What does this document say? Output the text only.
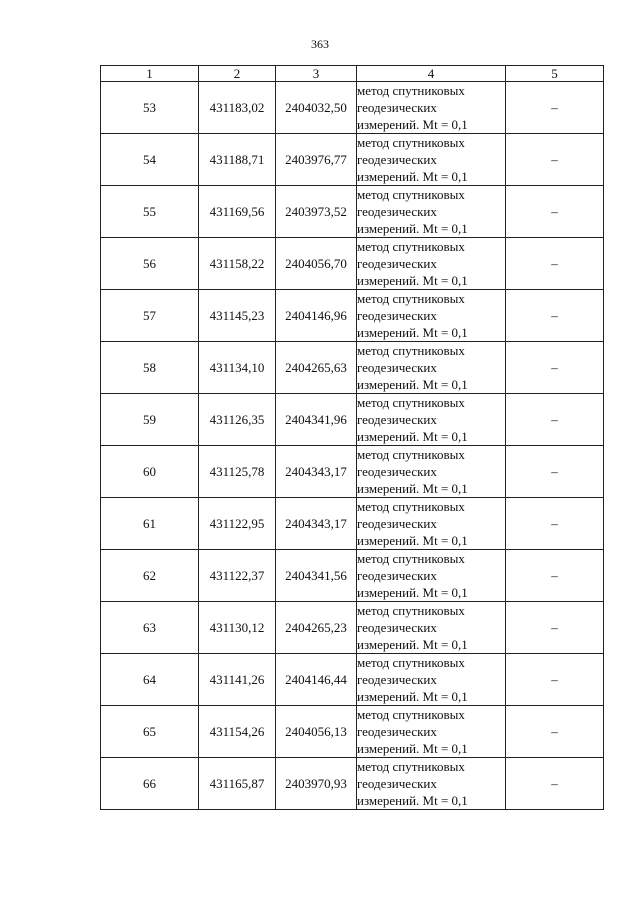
363
1	2	3	4	5
53	431183,02	2404032,50	метод спутниковых
геодезических
измерений. Mt = 0,1	–
54	431188,71	2403976,77	метод спутниковых
геодезических
измерений. Mt = 0,1	–
55	431169,56	2403973,52	метод спутниковых
геодезических
измерений. Mt = 0,1	–
56	431158,22	2404056,70	метод спутниковых
геодезических
измерений. Mt = 0,1	–
57	431145,23	2404146,96	метод спутниковых
геодезических
измерений. Mt = 0,1	–
58	431134,10	2404265,63	метод спутниковых
геодезических
измерений. Mt = 0,1	–
59	431126,35	2404341,96	метод спутниковых
геодезических
измерений. Mt = 0,1	–
60	431125,78	2404343,17	метод спутниковых
геодезических
измерений. Mt = 0,1	–
61	431122,95	2404343,17	метод спутниковых
геодезических
измерений. Mt = 0,1	–
62	431122,37	2404341,56	метод спутниковых
геодезических
измерений. Mt = 0,1	–
63	431130,12	2404265,23	метод спутниковых
геодезических
измерений. Mt = 0,1	–
64	431141,26	2404146,44	метод спутниковых
геодезических
измерений. Mt = 0,1	–
65	431154,26	2404056,13	метод спутниковых
геодезических
измерений. Mt = 0,1	–
66	431165,87	2403970,93	метод спутниковых
геодезических
измерений. Mt = 0,1	–
